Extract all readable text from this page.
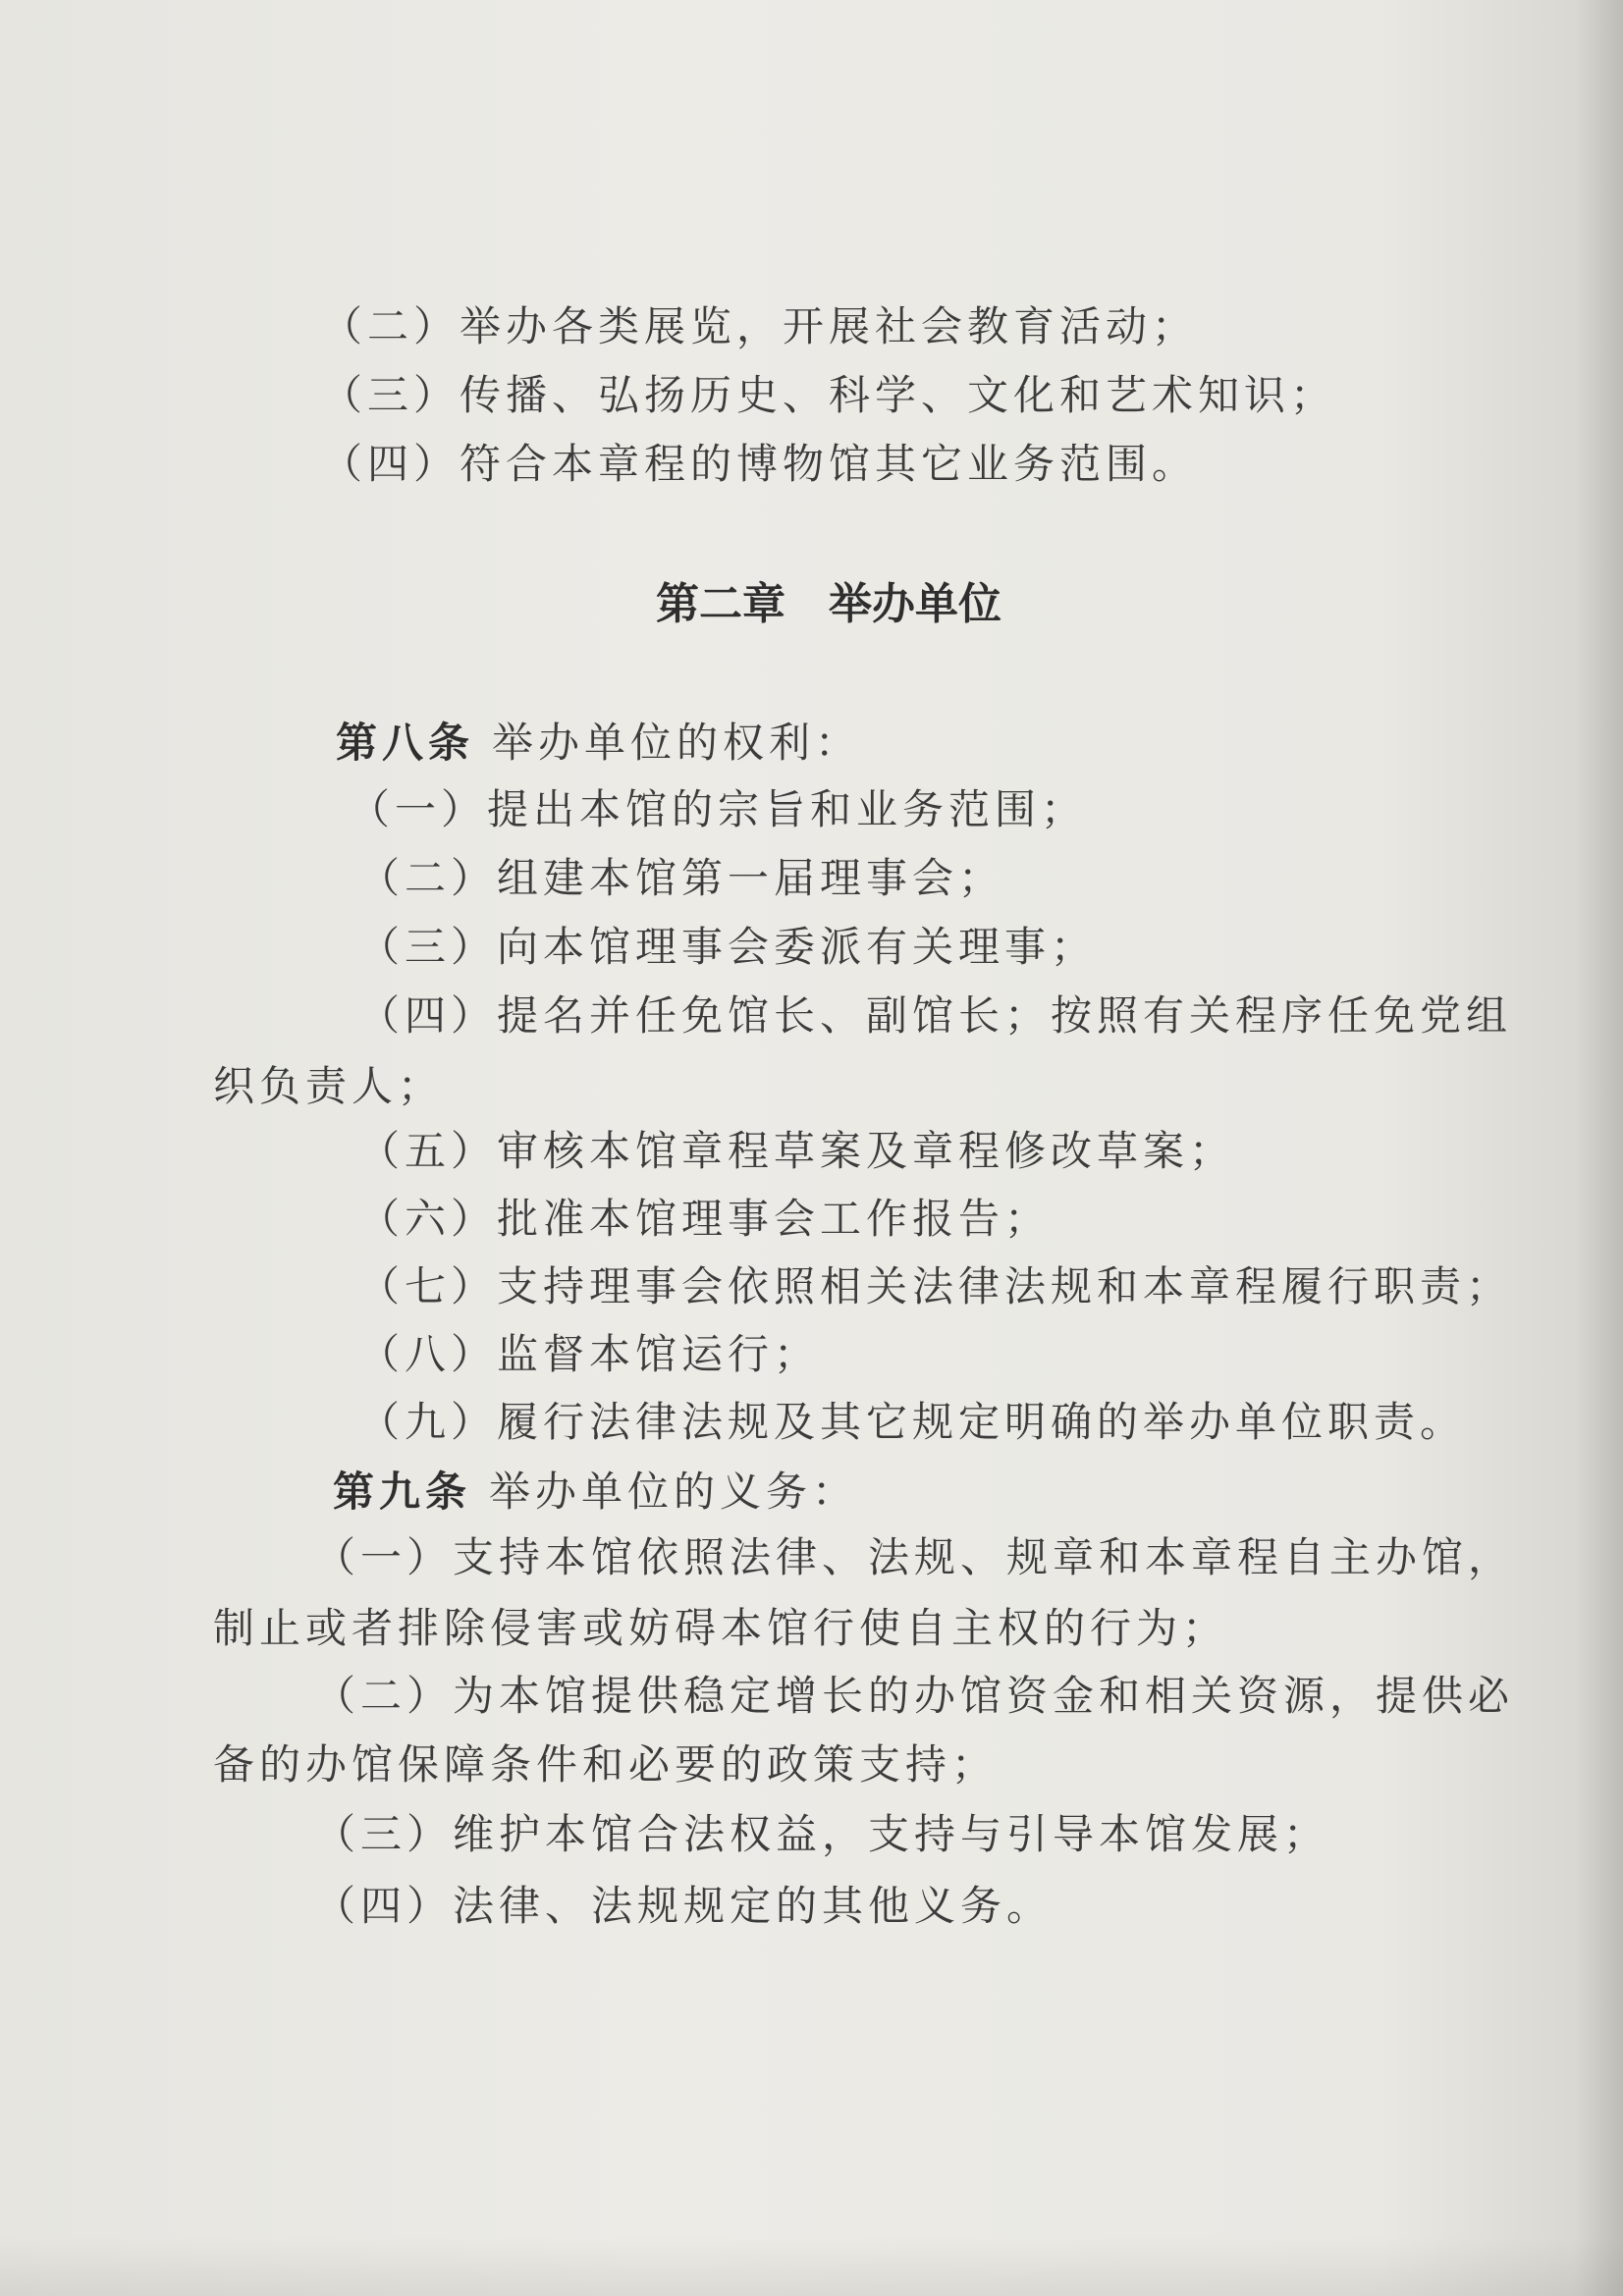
（二）举办各类展览，开展社会教育活动；
（三）传播、弘扬历史、科学、文化和艺术知识；
（四）符合本章程的博物馆其它业务范围。
第二章　举办单位
第八条 举办单位的权利：
（一）提出本馆的宗旨和业务范围；
（二）组建本馆第一届理事会；
（三）向本馆理事会委派有关理事；
（四）提名并任免馆长、副馆长；按照有关程序任免党组
织负责人；
（五）审核本馆章程草案及章程修改草案；
（六）批准本馆理事会工作报告；
（七）支持理事会依照相关法律法规和本章程履行职责；
（八）监督本馆运行；
（九）履行法律法规及其它规定明确的举办单位职责。
第九条 举办单位的义务：
（一）支持本馆依照法律、法规、规章和本章程自主办馆，
制止或者排除侵害或妨碍本馆行使自主权的行为；
（二）为本馆提供稳定增长的办馆资金和相关资源，提供必
备的办馆保障条件和必要的政策支持；
（三）维护本馆合法权益，支持与引导本馆发展；
（四）法律、法规规定的其他义务。
